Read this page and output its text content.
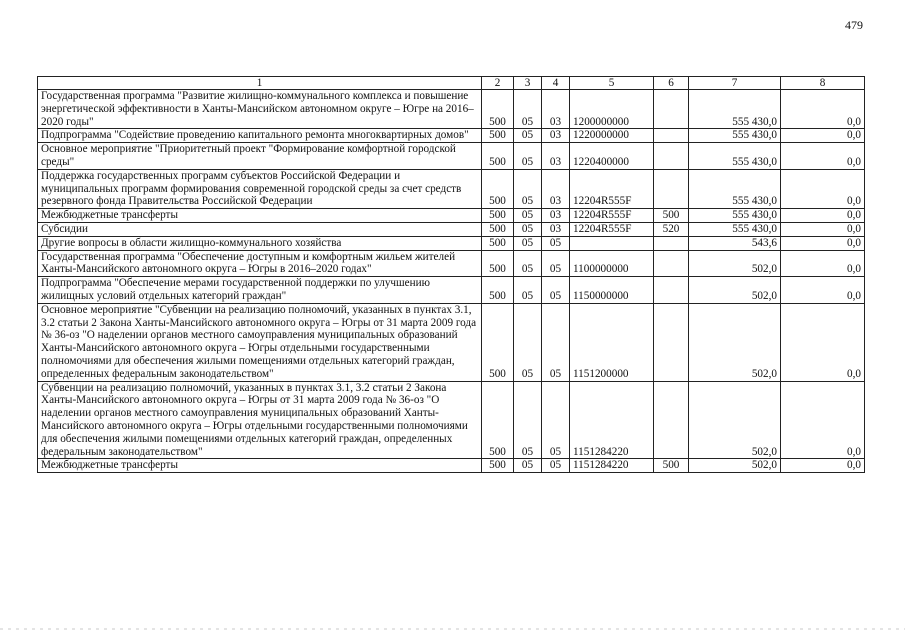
479
1	2	3	4	5	6	7	8
Государственная программа "Развитие жилищно-коммунального комплекса и повышение энергетической эффективности в Ханты-Мансийском автономном округе – Югре на 2016–2020 годы"	500	05	03	1200000000		555 430,0	0,0
Подпрограмма "Содействие проведению капитального ремонта многоквартирных домов"	500	05	03	1220000000		555 430,0	0,0
Основное мероприятие "Приоритетный проект "Формирование комфортной городской среды"	500	05	03	1220400000		555 430,0	0,0
Поддержка государственных программ субъектов Российской Федерации и муниципальных программ формирования современной городской среды за счет средств резервного фонда Правительства Российской Федерации	500	05	03	12204R555F		555 430,0	0,0
Межбюджетные трансферты	500	05	03	12204R555F	500	555 430,0	0,0
Субсидии	500	05	03	12204R555F	520	555 430,0	0,0
Другие вопросы в области жилищно-коммунального хозяйства	500	05	05			543,6	0,0
Государственная программа "Обеспечение доступным и комфортным жильем жителей Ханты-Мансийского автономного округа – Югры в 2016–2020 годах"	500	05	05	1100000000		502,0	0,0
Подпрограмма "Обеспечение мерами государственной поддержки по улучшению жилищных условий отдельных категорий граждан"	500	05	05	1150000000		502,0	0,0
Основное мероприятие "Субвенции на реализацию полномочий, указанных в пунктах 3.1, 3.2 статьи 2 Закона Ханты-Мансийского автономного округа – Югры от 31 марта 2009 года № 36-оз "О наделении органов местного самоуправления муниципальных образований Ханты-Мансийского автономного округа – Югры отдельными государственными полномочиями для обеспечения жилыми помещениями отдельных категорий граждан, определенных федеральным законодательством"	500	05	05	1151200000		502,0	0,0
Субвенции на реализацию полномочий, указанных в пунктах 3.1, 3.2 статьи 2 Закона Ханты-Мансийского автономного округа – Югры от 31 марта 2009 года № 36-оз "О наделении органов местного самоуправления муниципальных образований Ханты-Мансийского автономного округа – Югры отдельными государственными полномочиями для обеспечения жилыми помещениями отдельных категорий граждан, определенных федеральным законодательством"	500	05	05	1151284220		502,0	0,0
Межбюджетные трансферты	500	05	05	1151284220	500	502,0	0,0
